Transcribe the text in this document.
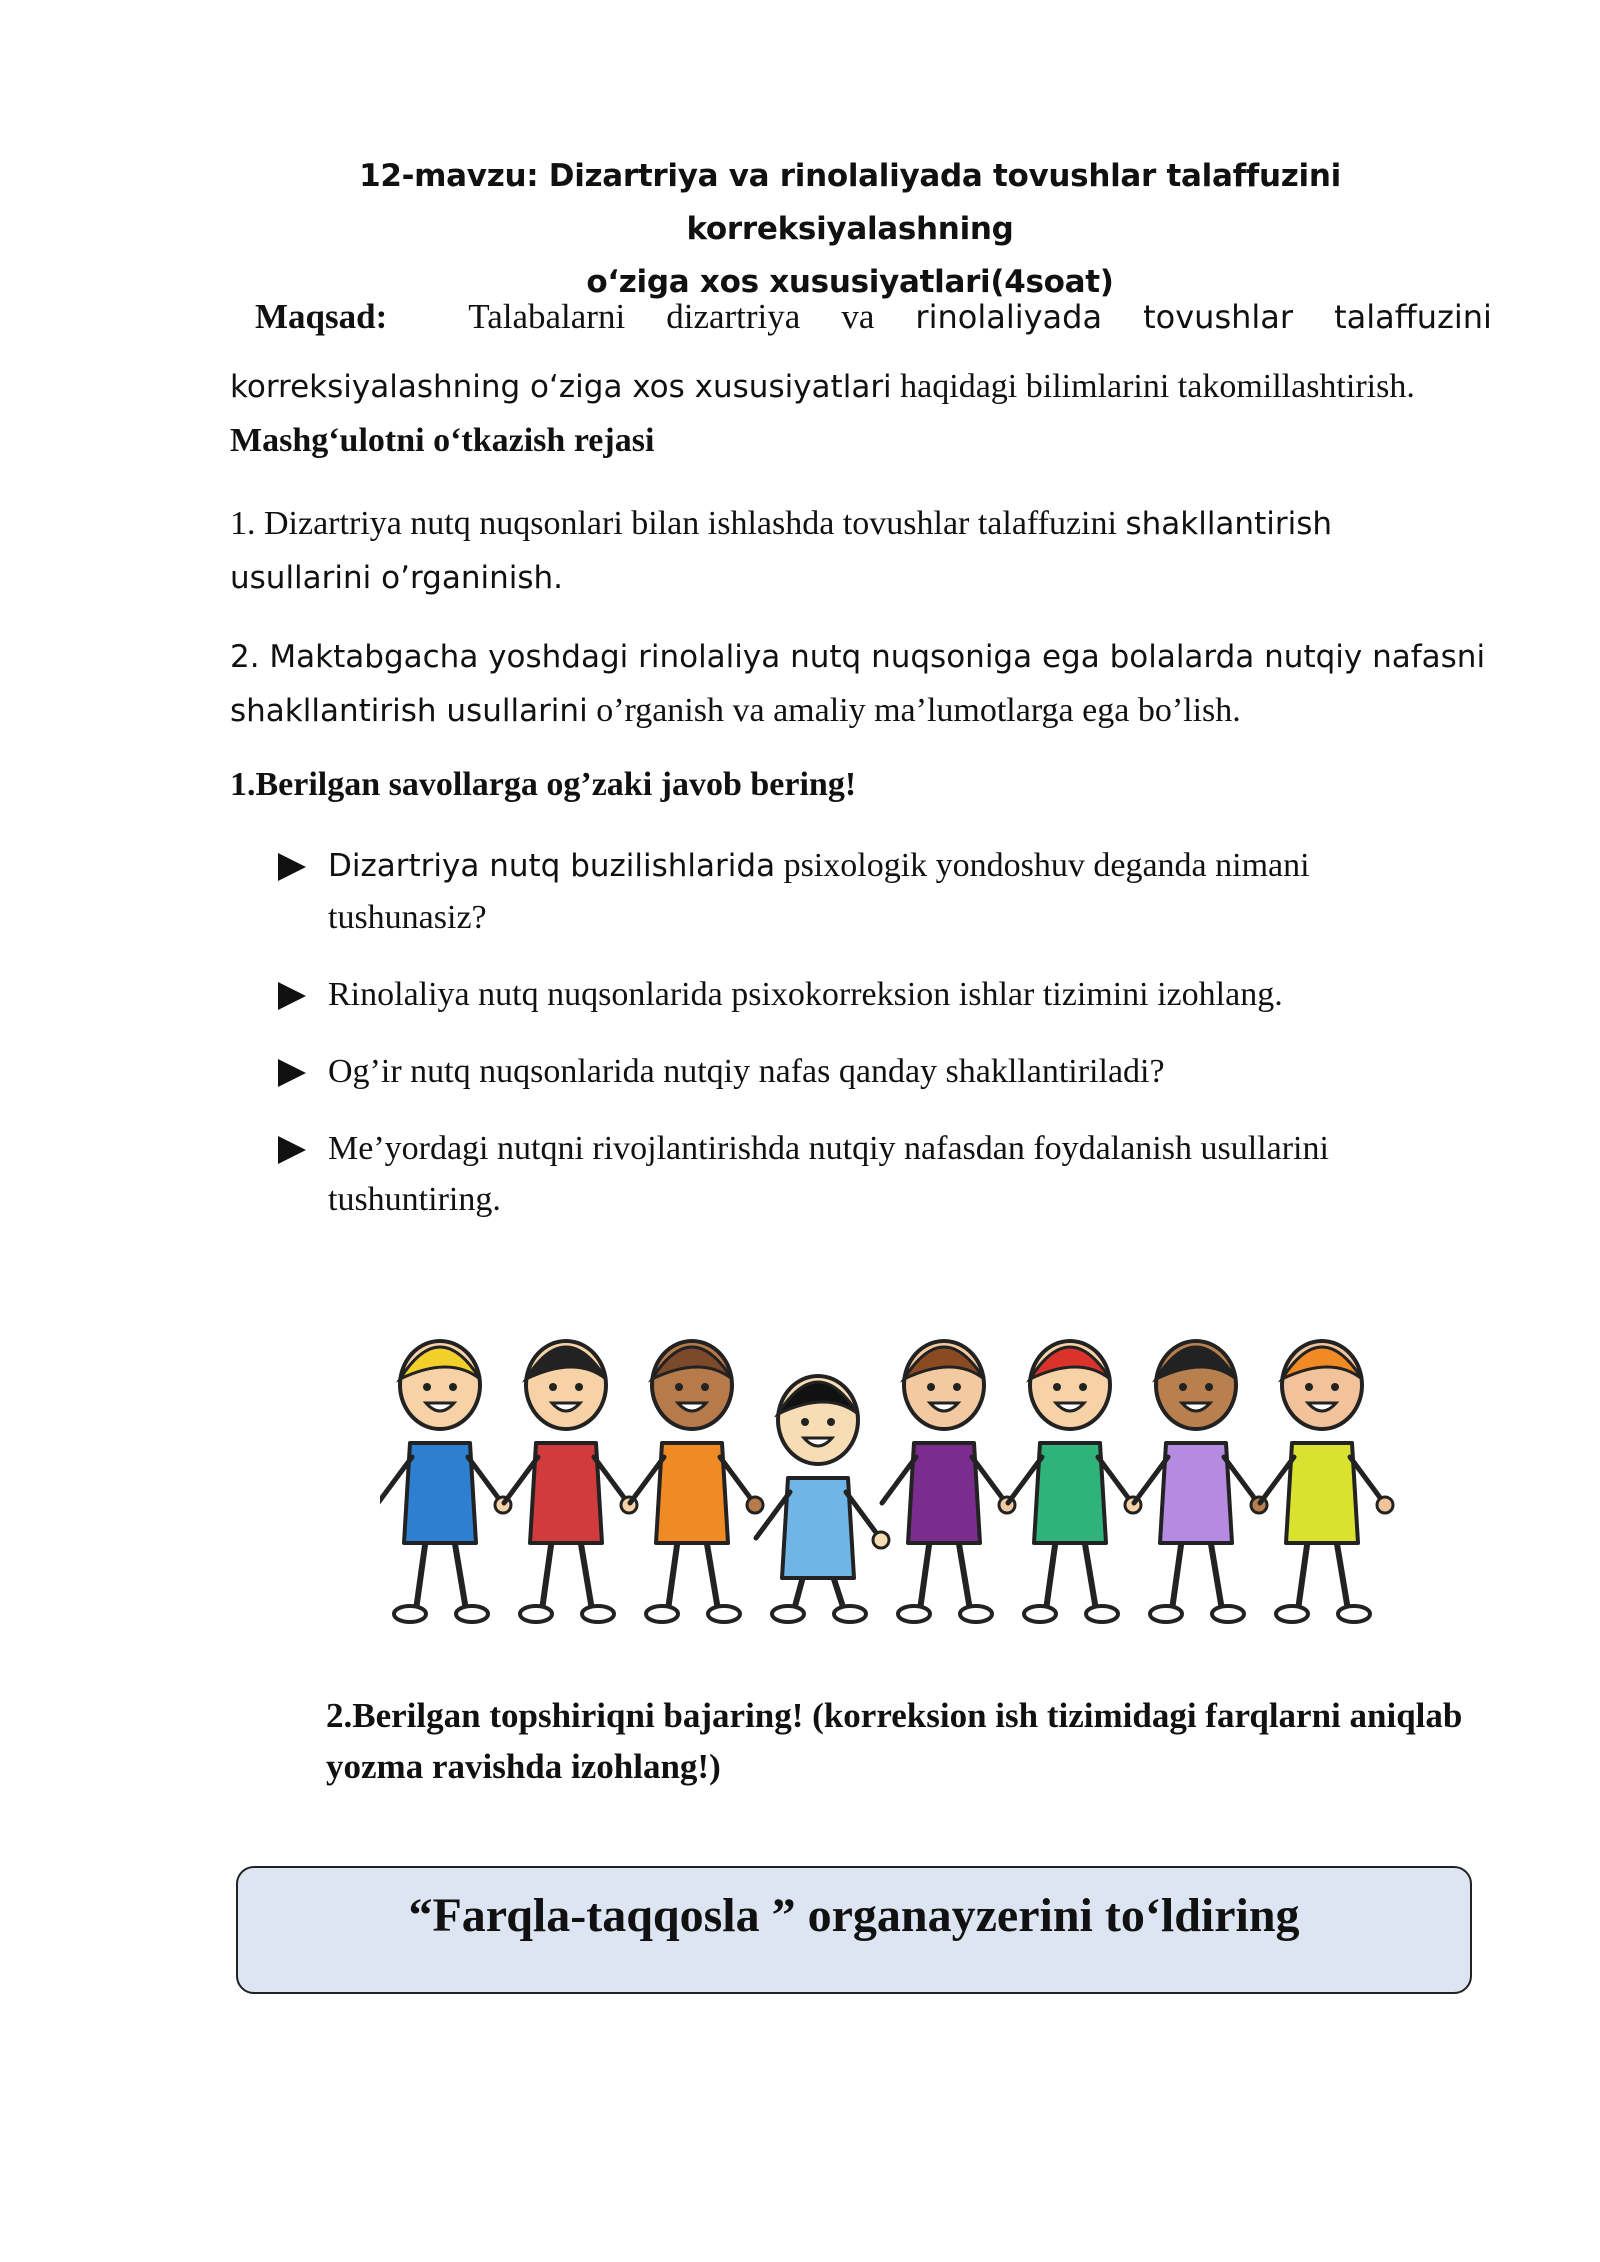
12-mavzu: Dizartriya va rinolaliyada tovushlar talaffuzini korreksiyalashning
o‘ziga xos xususiyatlari(4soat)
Maqsad: Talabalarni dizartriya va rinolaliyada tovushlar talaffuzini
korreksiyalashning o‘ziga xos xususiyatlari haqidagi bilimlarini takomillashtirish.
Mashg‘ulotni o‘tkazish rejasi
1. Dizartriya nutq nuqsonlari bilan ishlashda tovushlar talaffuzini shakllantirish
usullarini o’rganinish.
2. Maktabgacha yoshdagi rinolaliya nutq nuqsoniga ega bolalarda nutqiy nafasni
shakllantirish usullarini o’rganish va amaliy ma’lumotlarga ega bo’lish.
1.Berilgan savollarga og’zaki javob bering!
Dizartriya nutq buzilishlarida psixologik yondoshuv deganda nimani
tushunasiz?
Rinolaliya nutq nuqsonlarida psixokorreksion ishlar tizimini izohlang.
Og’ir nutq nuqsonlarida nutqiy nafas qanday shakllantiriladi?
Me’yordagi nutqni rivojlantirishda nutqiy nafasdan foydalanish usullarini
tushuntiring.
2.Berilgan topshiriqni bajaring! (korreksion ish tizimidagi farqlarni aniqlab yozma ravishda izohlang!)
“Farqla-taqqosla ” organayzerini to‘ldiring
